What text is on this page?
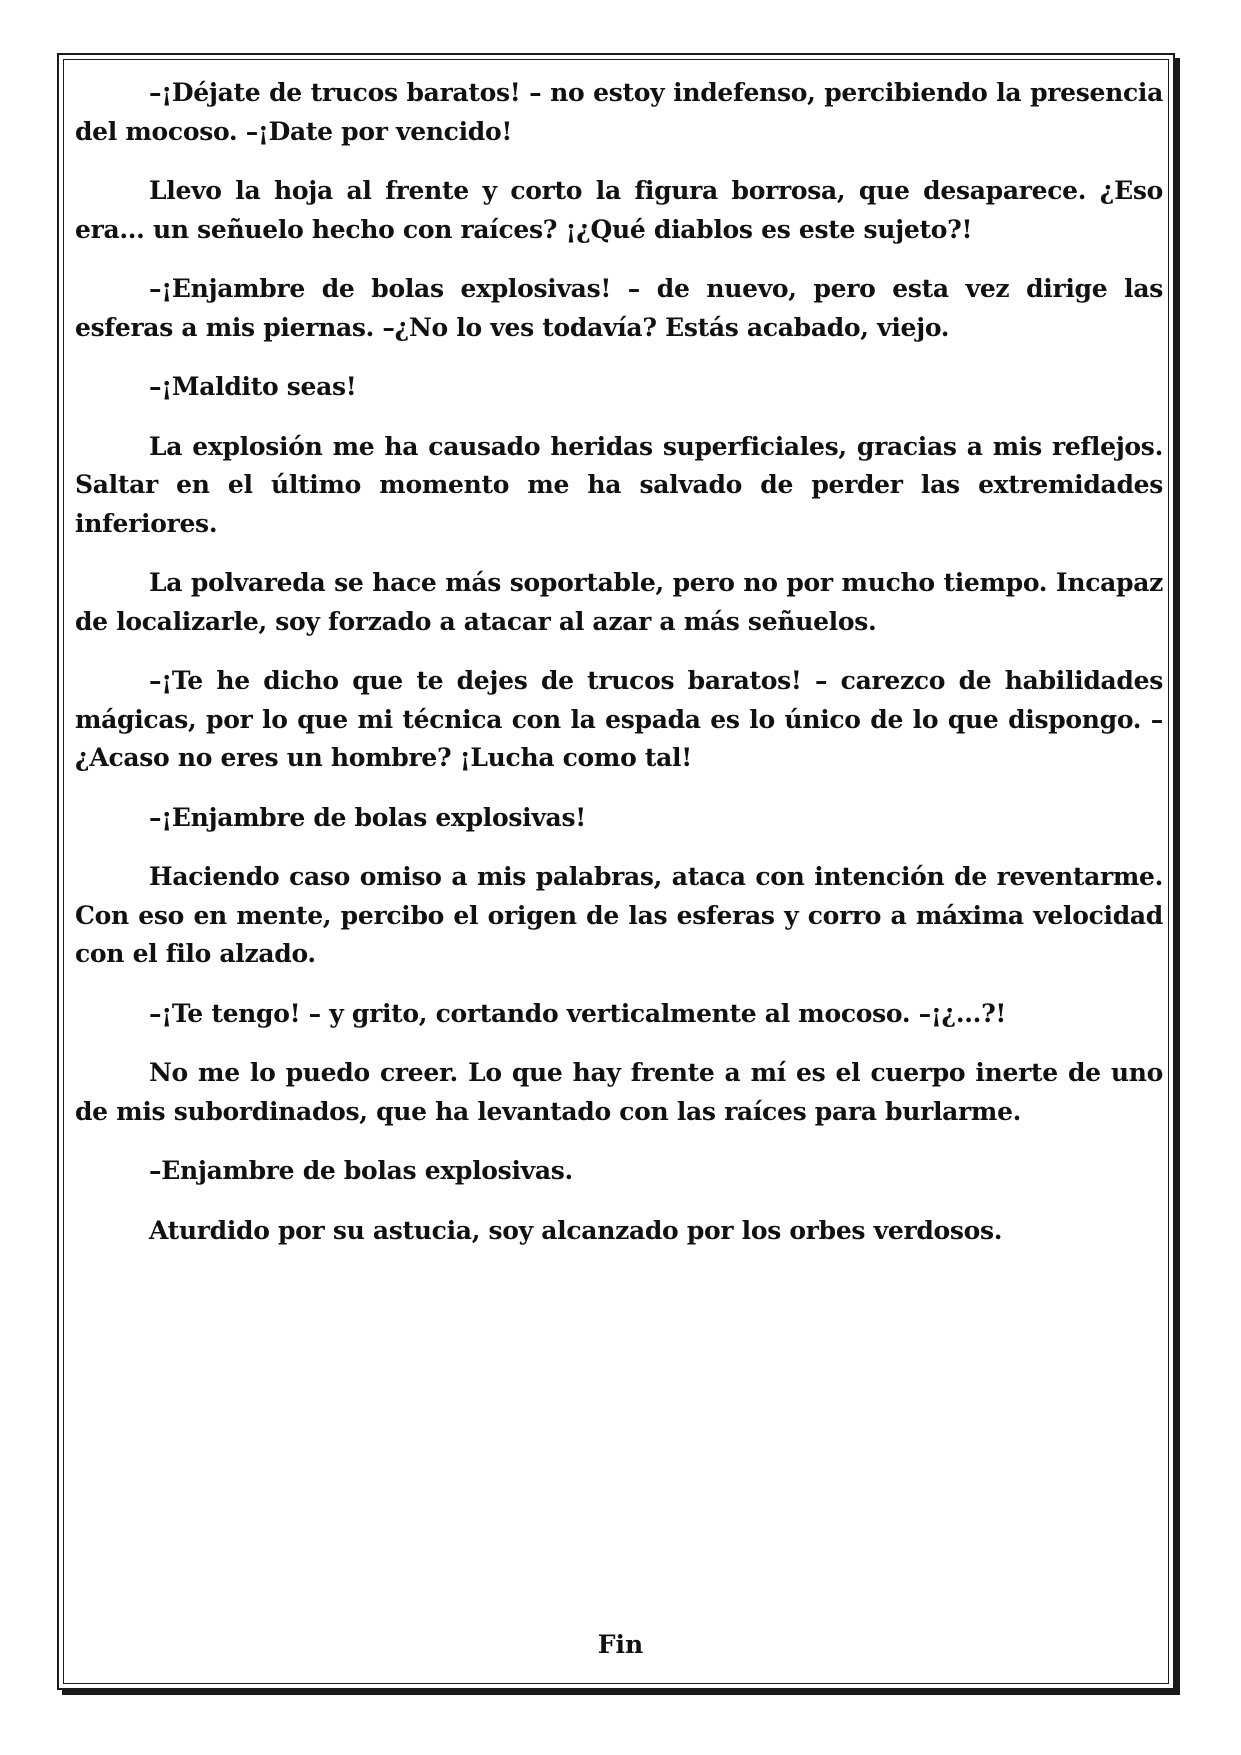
–¡Déjate de trucos baratos! – no estoy indefenso, percibiendo la presencia del mocoso. –¡Date por vencido!

Llevo la hoja al frente y corto la figura borrosa, que desaparece. ¿Eso era... un señuelo hecho con raíces? ¡¿Qué diablos es este sujeto?!

–¡Enjambre de bolas explosivas! – de nuevo, pero esta vez dirige las esferas a mis piernas. –¿No lo ves todavía? Estás acabado, viejo.

–¡Maldito seas!

La explosión me ha causado heridas superficiales, gracias a mis reflejos. Saltar en el último momento me ha salvado de perder las extremidades inferiores.

La polvareda se hace más soportable, pero no por mucho tiempo. Incapaz de localizarle, soy forzado a atacar al azar a más señuelos.

–¡Te he dicho que te dejes de trucos baratos! – carezco de habilidades mágicas, por lo que mi técnica con la espada es lo único de lo que dispongo. –¿Acaso no eres un hombre? ¡Lucha como tal!

–¡Enjambre de bolas explosivas!

Haciendo caso omiso a mis palabras, ataca con intención de reventarme. Con eso en mente, percibo el origen de las esferas y corro a máxima velocidad con el filo alzado.

–¡Te tengo! – y grito, cortando verticalmente al mocoso. –¡¿...?!

No me lo puedo creer. Lo que hay frente a mí es el cuerpo inerte de uno de mis subordinados, que ha levantado con las raíces para burlarme.

–Enjambre de bolas explosivas.

Aturdido por su astucia, soy alcanzado por los orbes verdosos.

Fin
